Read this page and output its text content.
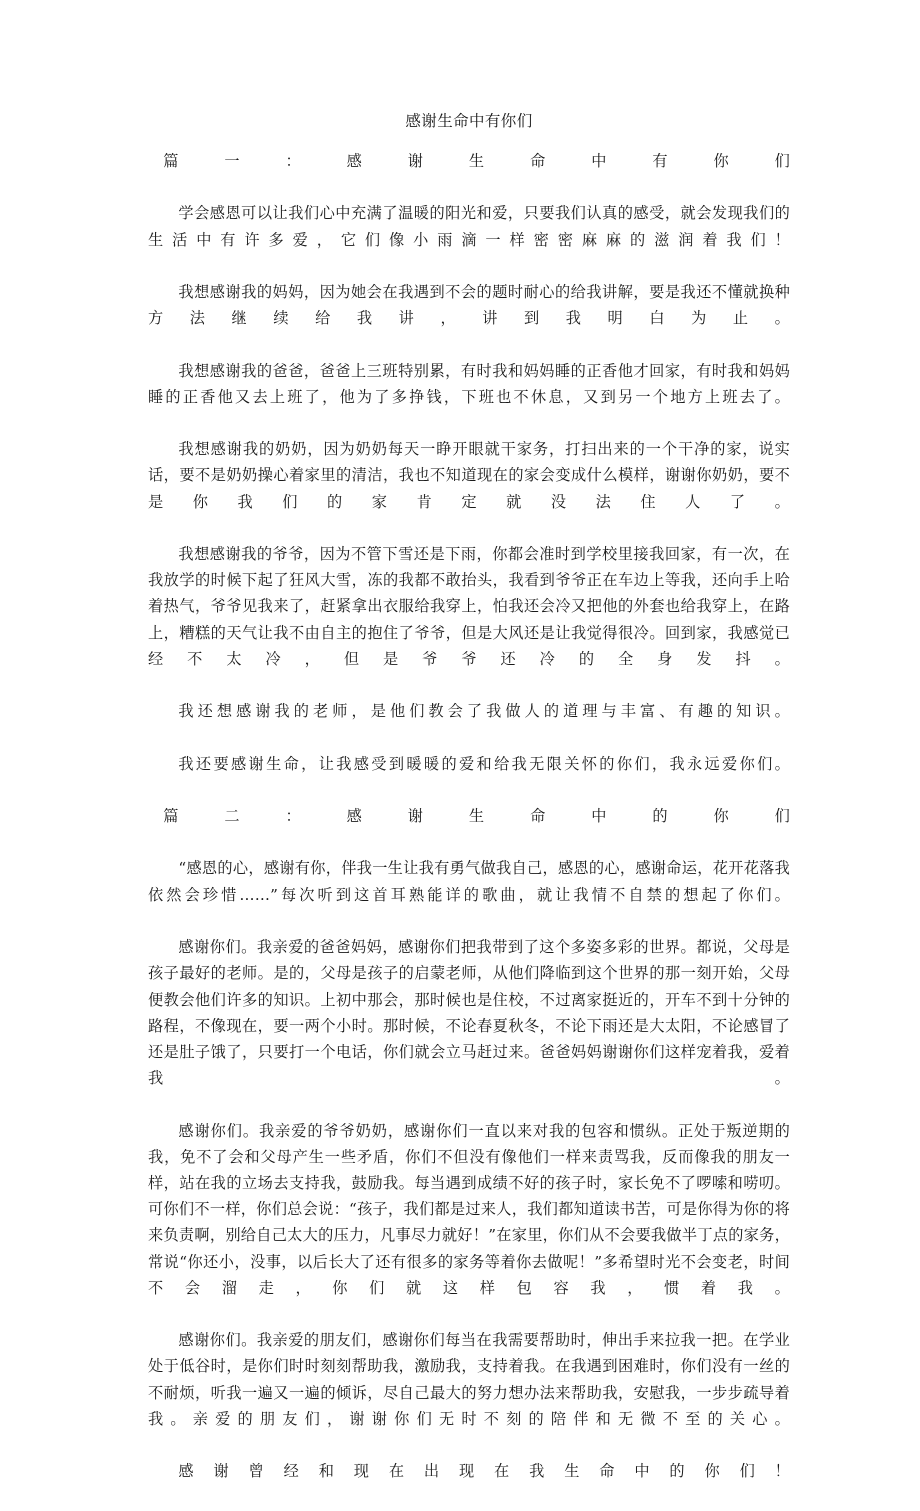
感谢生命中有你们

篇一：感谢生命中有你们

学会感恩可以让我们心中充满了温暖的阳光和爱，只要我们认真的感受，就会发现我们的生活中有许多爱，它们像小雨滴一样密密麻麻的滋润着我们！

我想感谢我的妈妈，因为她会在我遇到不会的题时耐心的给我讲解，要是我还不懂就换种方法继续给我讲，讲到我明白为止。

我想感谢我的爸爸，爸爸上三班特别累，有时我和妈妈睡的正香他才回家，有时我和妈妈睡的正香他又去上班了，他为了多挣钱，下班也不休息，又到另一个地方上班去了。

我想感谢我的奶奶，因为奶奶每天一睁开眼就干家务，打扫出来的一个干净的家，说实话，要不是奶奶操心着家里的清洁，我也不知道现在的家会变成什么模样，谢谢你奶奶，要不是你我们的家肯定就没法住人了。

我想感谢我的爷爷，因为不管下雪还是下雨，你都会准时到学校里接我回家，有一次，在我放学的时候下起了狂风大雪，冻的我都不敢抬头，我看到爷爷正在车边上等我，还向手上哈着热气，爷爷见我来了，赶紧拿出衣服给我穿上，怕我还会冷又把他的外套也给我穿上，在路上，糟糕的天气让我不由自主的抱住了爷爷，但是大风还是让我觉得很冷。回到家，我感觉已经不太冷，但是爷爷还冷的全身发抖。

我还想感谢我的老师，是他们教会了我做人的道理与丰富、有趣的知识。

我还要感谢生命，让我感受到暖暖的爱和给我无限关怀的你们，我永远爱你们。

篇二：感谢生命中的你们

“感恩的心，感谢有你，伴我一生让我有勇气做我自己，感恩的心，感谢命运，花开花落我依然会珍惜……”每次听到这首耳熟能详的歌曲，就让我情不自禁的想起了你们。

感谢你们。我亲爱的爸爸妈妈，感谢你们把我带到了这个多姿多彩的世界。都说，父母是孩子最好的老师。是的，父母是孩子的启蒙老师，从他们降临到这个世界的那一刻开始，父母便教会他们许多的知识。上初中那会，那时候也是住校，不过离家挺近的，开车不到十分钟的路程，不像现在，要一两个小时。那时候，不论春夏秋冬，不论下雨还是大太阳，不论感冒了还是肚子饿了，只要打一个电话，你们就会立马赶过来。爸爸妈妈谢谢你们这样宠着我，爱着我。

感谢你们。我亲爱的爷爷奶奶，感谢你们一直以来对我的包容和惯纵。正处于叛逆期的我，免不了会和父母产生一些矛盾，你们不但没有像他们一样来责骂我，反而像我的朋友一样，站在我的立场去支持我，鼓励我。每当遇到成绩不好的孩子时，家长免不了啰嗦和唠叨。可你们不一样，你们总会说：“孩子，我们都是过来人，我们都知道读书苦，可是你得为你的将来负责啊，别给自己太大的压力，凡事尽力就好！”在家里，你们从不会要我做半丁点的家务，常说“你还小，没事，以后长大了还有很多的家务等着你去做呢！”多希望时光不会变老，时间不会溜走，你们就这样包容我，惯着我。

感谢你们。我亲爱的朋友们，感谢你们每当在我需要帮助时，伸出手来拉我一把。在学业处于低谷时，是你们时时刻刻帮助我，激励我，支持着我。在我遇到困难时，你们没有一丝的不耐烦，听我一遍又一遍的倾诉，尽自己最大的努力想办法来帮助我，安慰我，一步步疏导着我。亲爱的朋友们，谢谢你们无时不刻的陪伴和无微不至的关心。

感谢曾经和现在出现在我生命中的你们！
